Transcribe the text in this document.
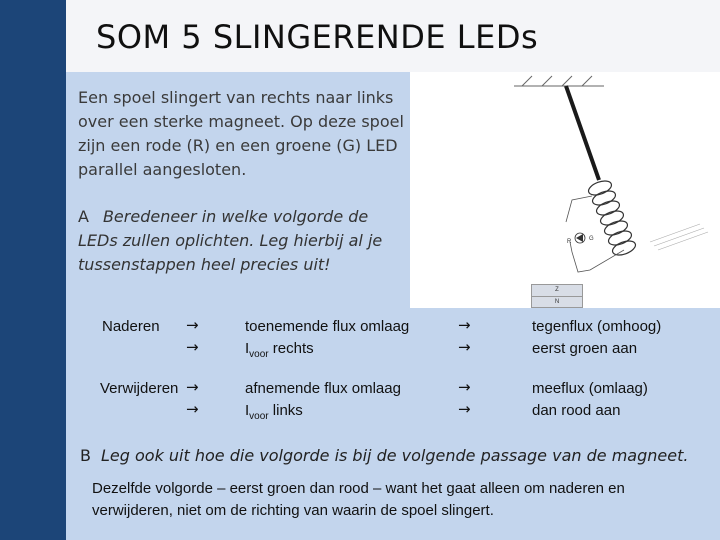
SOM 5 SLINGERENDE LEDs
Een spoel slingert van rechts naar links over een sterke magneet. Op deze spoel zijn een rode (R) en een groene (G) LED parallel aangesloten.
A Beredeneer in welke volgorde de LEDs zullen oplichten. Leg hierbij al je tussenstappen heel precies uit!
R	G
Z
N
Naderen →
→
toenemende flux omlaag
$I_{voor}$ rechts
→
→
tegenflux (omhoog)
eerst groen aan
Verwijderen →
→
afnemende flux omlaag
$I_{voor}$ links
→
→
meeflux (omlaag)
dan rood aan
B Leg ook uit hoe die volgorde is bij de volgende passage van de magneet.
Dezelfde volgorde – eerst groen dan rood – want het gaat alleen om naderen en verwijderen, niet om de richting van waarin de spoel slingert.
